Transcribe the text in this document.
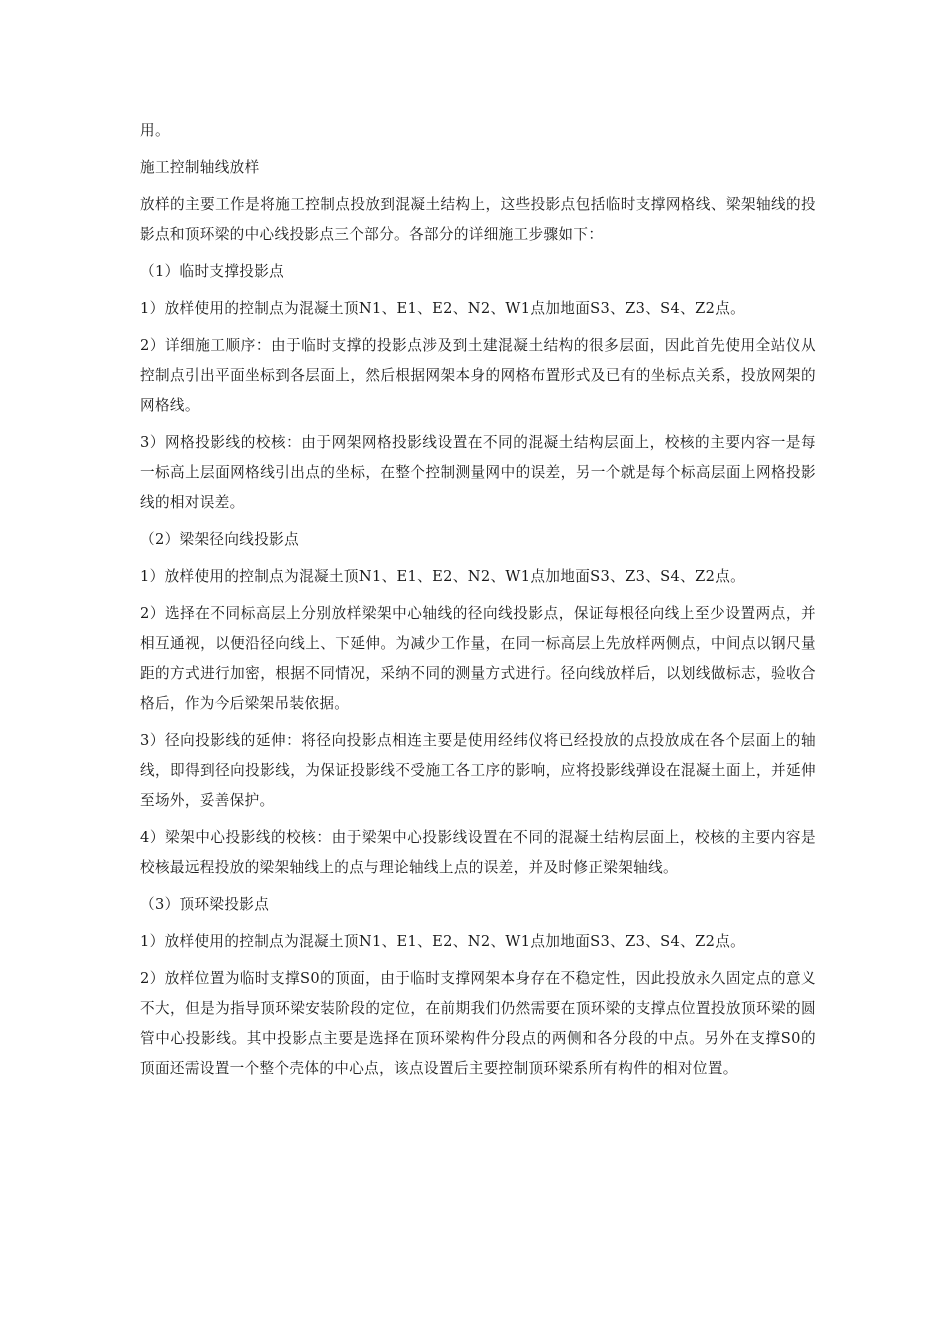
用。

施工控制轴线放样

放样的主要工作是将施工控制点投放到混凝土结构上，这些投影点包括临时支撑网格线、梁架轴线的投影点和顶环梁的中心线投影点三个部分。各部分的详细施工步骤如下：

（1）临时支撑投影点

1）放样使用的控制点为混凝土顶N1、E1、E2、N2、W1点加地面S3、Z3、S4、Z2点。

2）详细施工顺序：由于临时支撑的投影点涉及到土建混凝土结构的很多层面，因此首先使用全站仪从控制点引出平面坐标到各层面上，然后根据网架本身的网格布置形式及已有的坐标点关系，投放网架的网格线。

3）网格投影线的校核：由于网架网格投影线设置在不同的混凝土结构层面上，校核的主要内容一是每一标高上层面网格线引出点的坐标，在整个控制测量网中的误差，另一个就是每个标高层面上网格投影线的相对误差。

（2）梁架径向线投影点

1）放样使用的控制点为混凝土顶N1、E1、E2、N2、W1点加地面S3、Z3、S4、Z2点。

2）选择在不同标高层上分别放样梁架中心轴线的径向线投影点，保证每根径向线上至少设置两点，并相互通视，以便沿径向线上、下延伸。为减少工作量，在同一标高层上先放样两侧点，中间点以钢尺量距的方式进行加密，根据不同情况，采纳不同的测量方式进行。径向线放样后，以划线做标志，验收合格后，作为今后梁架吊装依据。

3）径向投影线的延伸：将径向投影点相连主要是使用经纬仪将已经投放的点投放成在各个层面上的轴线，即得到径向投影线，为保证投影线不受施工各工序的影响，应将投影线弹设在混凝土面上，并延伸至场外，妥善保护。

4）梁架中心投影线的校核：由于梁架中心投影线设置在不同的混凝土结构层面上，校核的主要内容是校核最远程投放的梁架轴线上的点与理论轴线上点的误差，并及时修正梁架轴线。

（3）顶环梁投影点

1）放样使用的控制点为混凝土顶N1、E1、E2、N2、W1点加地面S3、Z3、S4、Z2点。

2）放样位置为临时支撑S0的顶面，由于临时支撑网架本身存在不稳定性，因此投放永久固定点的意义不大，但是为指导顶环梁安装阶段的定位，在前期我们仍然需要在顶环梁的支撑点位置投放顶环梁的圆管中心投影线。其中投影点主要是选择在顶环梁构件分段点的两侧和各分段的中点。另外在支撑S0的顶面还需设置一个整个壳体的中心点，该点设置后主要控制顶环梁系所有构件的相对位置。
